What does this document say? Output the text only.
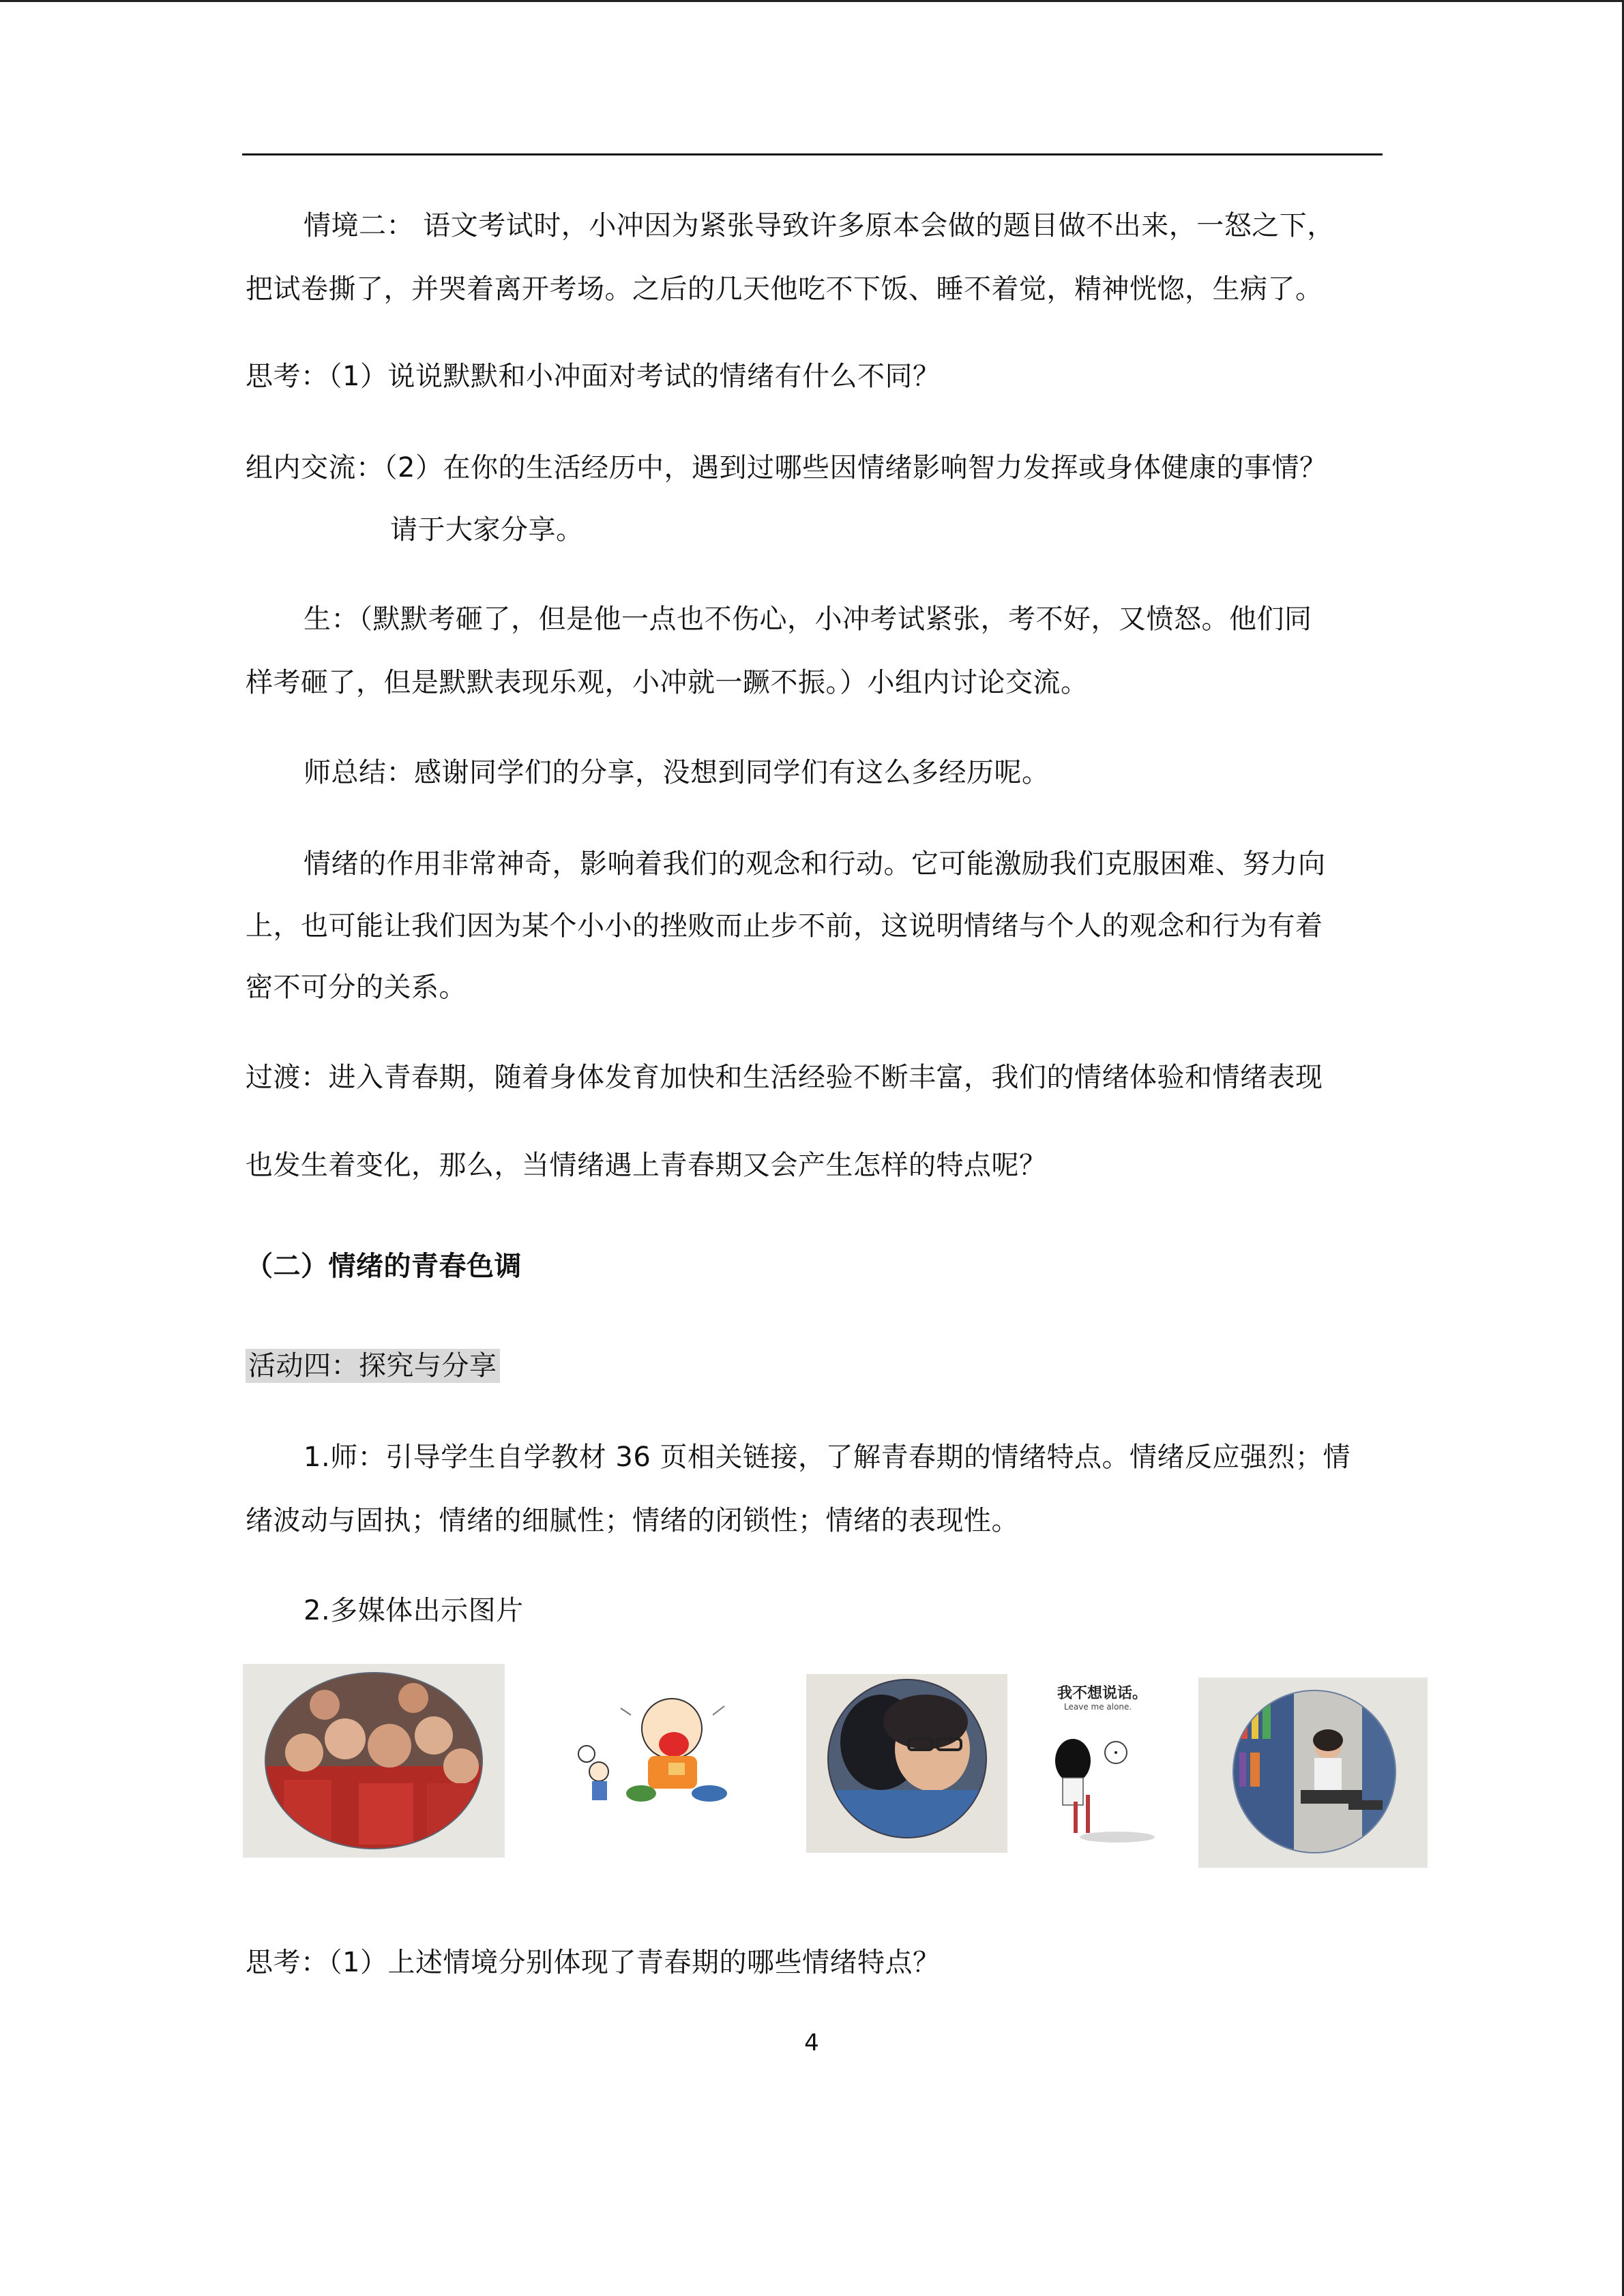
情境二： 语文考试时，小冲因为紧张导致许多原本会做的题目做不出来，一怒之下，
把试卷撕了，并哭着离开考场。之后的几天他吃不下饭、睡不着觉，精神恍惚，生病了。
思考：（1）说说默默和小冲面对考试的情绪有什么不同？
组内交流：（2）在你的生活经历中，遇到过哪些因情绪影响智力发挥或身体健康的事情？
请于大家分享。
生：（默默考砸了，但是他一点也不伤心，小冲考试紧张，考不好，又愤怒。他们同
样考砸了，但是默默表现乐观，小冲就一蹶不振。）小组内讨论交流。
师总结：感谢同学们的分享，没想到同学们有这么多经历呢。
情绪的作用非常神奇，影响着我们的观念和行动。它可能激励我们克服困难、努力向
上，也可能让我们因为某个小小的挫败而止步不前，这说明情绪与个人的观念和行为有着
密不可分的关系。
过渡：进入青春期，随着身体发育加快和生活经验不断丰富，我们的情绪体验和情绪表现
也发生着变化，那么，当情绪遇上青春期又会产生怎样的特点呢？
（二）情绪的青春色调
活动四：探究与分享
1.师：引导学生自学教材 36 页相关链接，了解青春期的情绪特点。情绪反应强烈；情
绪波动与固执；情绪的细腻性；情绪的闭锁性；情绪的表现性。
2.多媒体出示图片
我不想说话。
Leave me alone.
思考：（1）上述情境分别体现了青春期的哪些情绪特点？
4
